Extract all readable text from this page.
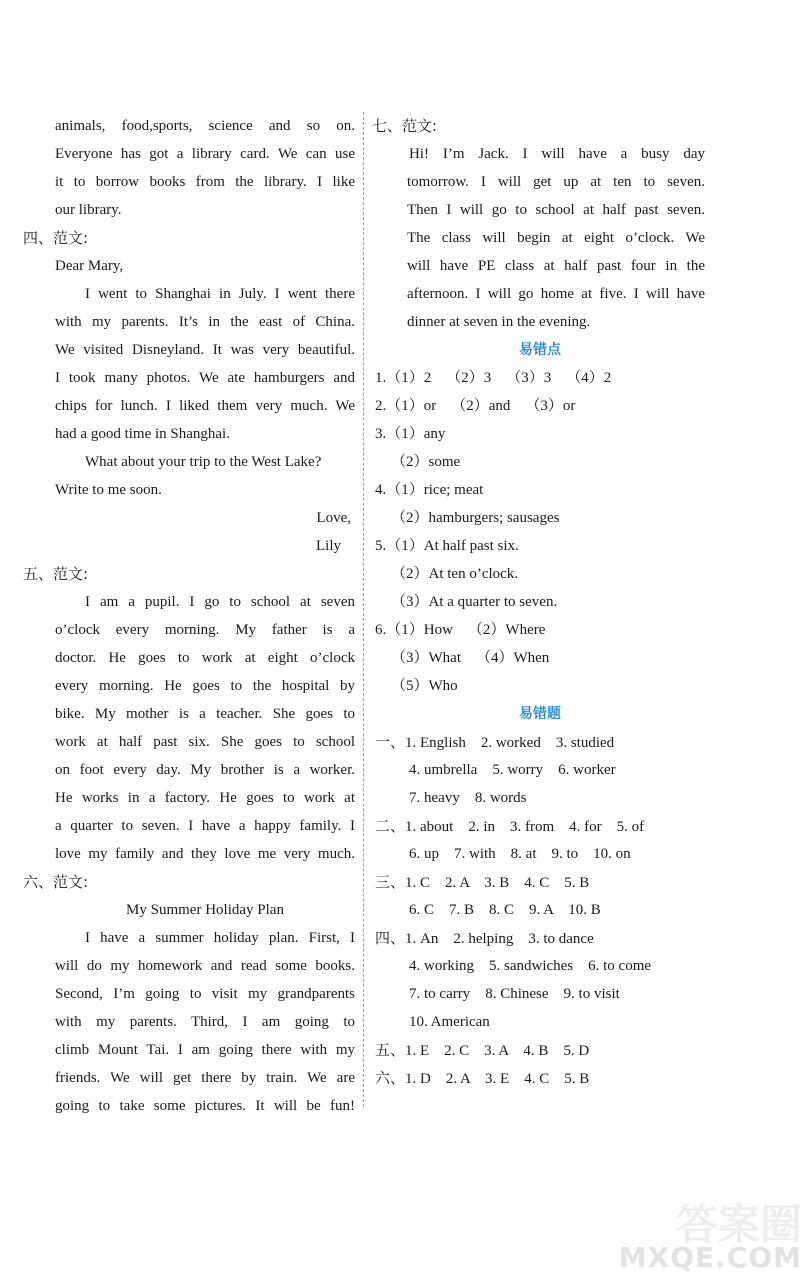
animals, food,sports, science and so on.
Everyone has got a library card. We can use
it to borrow books from the library. I like
our library.
四、范文:
Dear Mary,
I went to Shanghai in July. I went there
with my parents. It’s in the east of China.
We visited Disneyland. It was very beautiful.
I took many photos. We ate hamburgers and
chips for lunch. I liked them very much. We
had a good time in Shanghai.
What about your trip to the West Lake?
Write to me soon.
Love,
Lily
五、范文:
I am a pupil. I go to school at seven
o’clock every morning. My father is a
doctor. He goes to work at eight o’clock
every morning. He goes to the hospital by
bike. My mother is a teacher. She goes to
work at half past six. She goes to school
on foot every day. My brother is a worker.
He works in a factory. He goes to work at
a quarter to seven. I have a happy family. I
love my family and they love me very much.
六、范文:
My Summer Holiday Plan
I have a summer holiday plan. First, I
will do my homework and read some books.
Second, I’m going to visit my grandparents
with my parents. Third, I am going to
climb Mount Tai. I am going there with my
friends. We will get there by train. We are
going to take some pictures. It will be fun!
七、范文:
Hi! I’m Jack. I will have a busy day
tomorrow. I will get up at ten to seven.
Then I will go to school at half past seven.
The class will begin at eight o’clock. We
will have PE class at half past four in the
afternoon. I will go home at five. I will have
dinner at seven in the evening.
易错点
1.（1）2    （2）3    （3）3    （4）2
2.（1）or    （2）and    （3）or
3.（1）any
（2）some
4.（1）rice; meat
（2）hamburgers; sausages
5.（1）At half past six.
（2）At ten o’clock.
（3）At a quarter to seven.
6.（1）How    （2）Where
（3）What    （4）When
（5）Who
易错题
一、1. English    2. worked    3. studied
4. umbrella    5. worry    6. worker
7. heavy    8. words
二、1. about    2. in    3. from    4. for    5. of
6. up    7. with    8. at    9. to    10. on
三、1. C    2. A    3. B    4. C    5. B
6. C    7. B    8. C    9. A    10. B
四、1. An    2. helping    3. to dance
4. working    5. sandwiches    6. to come
7. to carry    8. Chinese    9. to visit
10. American
五、1. E    2. C    3. A    4. B    5. D
六、1. D    2. A    3. E    4. C    5. B
答案圈
MXQE.COM
